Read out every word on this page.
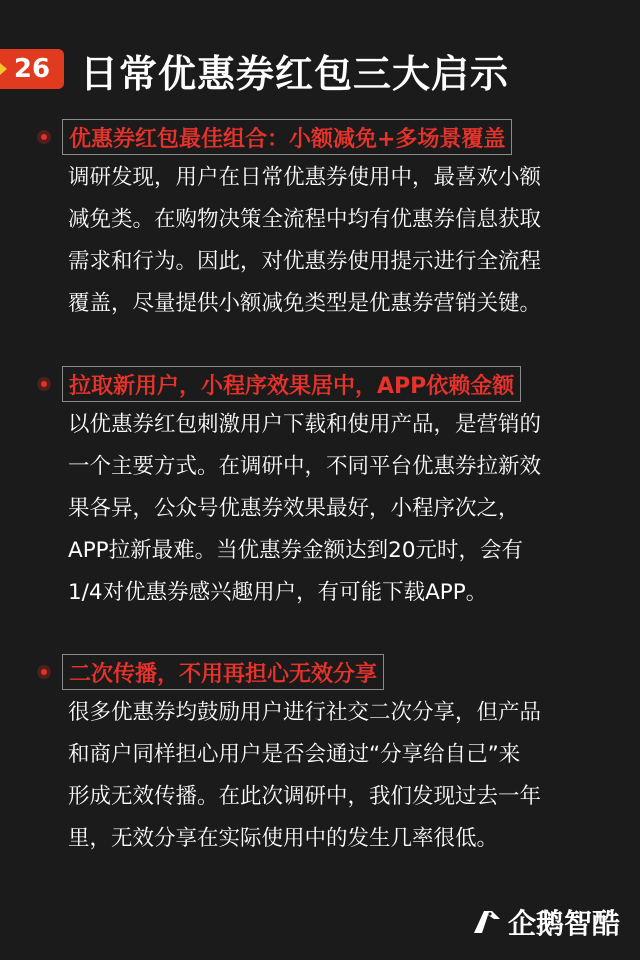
26 日常优惠券红包三大启示
优惠券红包最佳组合：小额减免+多场景覆盖

调研发现，用户在日常优惠券使用中，最喜欢小额
减免类。在购物决策全流程中均有优惠券信息获取
需求和行为。因此，对优惠券使用提示进行全流程
覆盖，尽量提供小额减免类型是优惠券营销关键。

拉取新用户，小程序效果居中，APP依赖金额

以优惠券红包刺激用户下载和使用产品，是营销的
一个主要方式。在调研中，不同平台优惠券拉新效
果各异，公众号优惠券效果最好，小程序次之，
APP拉新最难。当优惠券金额达到20元时，会有
1/4对优惠券感兴趣用户，有可能下载APP。

二次传播，不用再担心无效分享

很多优惠券均鼓励用户进行社交二次分享，但产品
和商户同样担心用户是否会通过“分享给自己”来
形成无效传播。在此次调研中，我们发现过去一年
里，无效分享在实际使用中的发生几率很低。

企鹅智酷
